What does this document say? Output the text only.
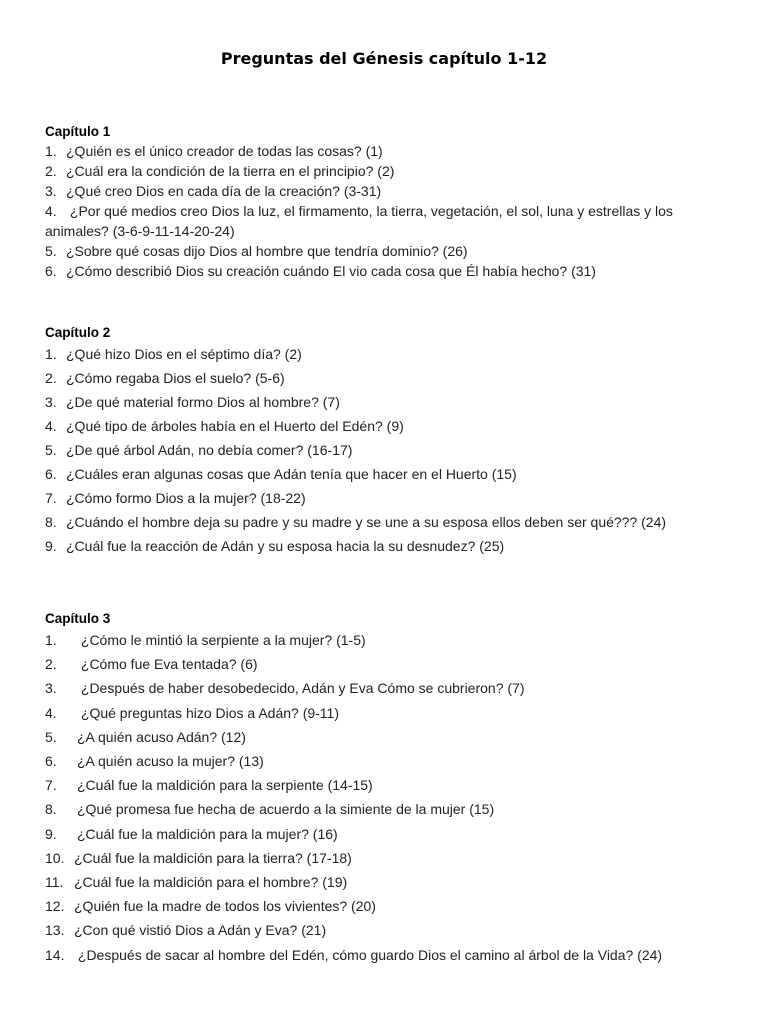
Preguntas del Génesis capítulo 1-12
Capítulo 1
1. ¿Quién es el único creador de todas las cosas? (1)
2. ¿Cuál era la condición de la tierra en el principio? (2)
3. ¿Qué creo Dios en cada día de la creación? (3-31)
4. ¿Por qué medios creo Dios la luz, el firmamento, la tierra, vegetación, el sol, luna y estrellas y los animales? (3-6-9-11-14-20-24)
5. ¿Sobre qué cosas dijo Dios al hombre que tendría dominio? (26)
6. ¿Cómo describió Dios su creación cuándo El vio cada cosa que Él había hecho? (31)
Capítulo 2
1. ¿Qué hizo Dios en el séptimo día? (2)
2. ¿Cómo regaba Dios el suelo? (5-6)
3. ¿De qué material formo Dios al hombre? (7)
4. ¿Qué tipo de árboles había en el Huerto del Edén? (9)
5. ¿De qué árbol Adán, no debía comer? (16-17)
6. ¿Cuáles eran algunas cosas que Adán tenía que hacer en el Huerto (15)
7. ¿Cómo formo Dios a la mujer? (18-22)
8. ¿Cuándo el hombre deja su padre y su madre y se une a su esposa ellos deben ser qué??? (24)
9. ¿Cuál fue la reacción de Adán y su esposa hacia la su desnudez? (25)
Capítulo 3
1. ¿Cómo le mintió la serpiente a la mujer? (1-5)
2. ¿Cómo fue Eva tentada? (6)
3. ¿Después de haber desobedecido, Adán y Eva Cómo se cubrieron? (7)
4. ¿Qué preguntas hizo Dios a Adán? (9-11)
5. ¿A quién acuso Adán? (12)
6. ¿A quién acuso la mujer? (13)
7. ¿Cuál fue la maldición para la serpiente (14-15)
8. ¿Qué promesa fue hecha de acuerdo a la simiente de la mujer (15)
9. ¿Cuál fue la maldición para la mujer? (16)
10. ¿Cuál fue la maldición para la tierra? (17-18)
11. ¿Cuál fue la maldición para el hombre? (19)
12. ¿Quién fue la madre de todos los vivientes? (20)
13. ¿Con qué vistió Dios a Adán y Eva? (21)
14. ¿Después de sacar al hombre del Edén, cómo guardo Dios el camino al árbol de la Vida? (24)
